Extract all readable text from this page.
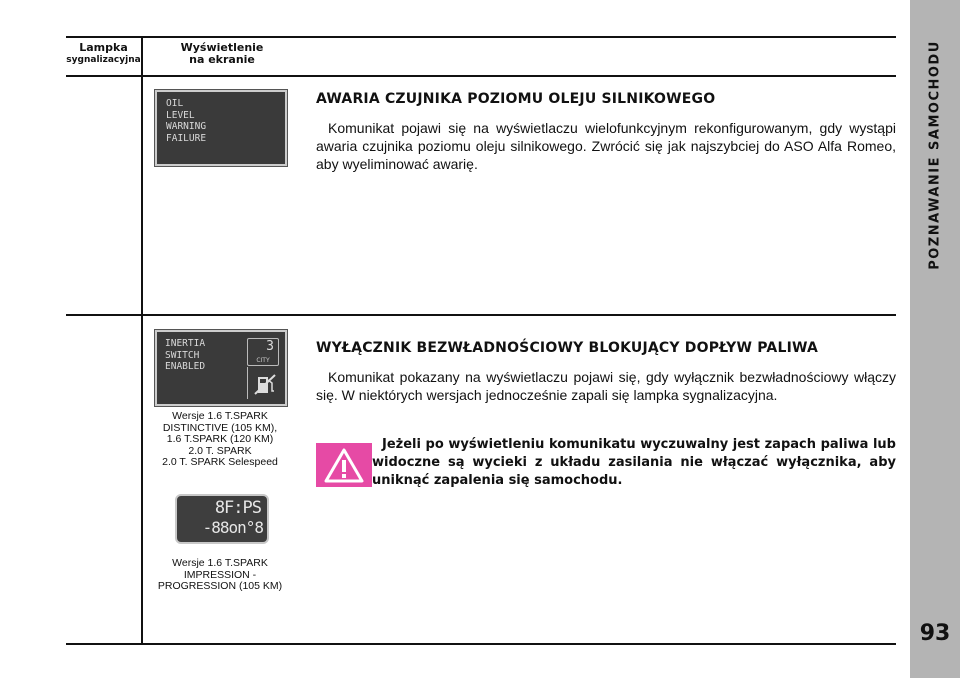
POZNAWANIE SAMOCHODU
93
Lampka
sygnalizacyjna
Wyświetlenie
na ekranie
OIL
LEVEL
WARNING
FAILURE
AWARIA CZUJNIKA POZIOMU OLEJU SILNIKOWEGO
Komunikat pojawi się na wyświetlaczu wielofunkcyjnym rekonfigurowanym, gdy wystąpi awaria czujnika poziomu oleju silnikowego. Zwrócić się jak najszybciej do ASO Alfa Romeo, aby wyeliminować awarię.
INERTIA
SWITCH
ENABLED
3
CITY
Wersje 1.6 T.SPARK
DISTINCTIVE (105 KM),
1.6 T.SPARK (120 KM)
2.0 T. SPARK
2.0 T. SPARK Selespeed
8F:PS
-88on°8
Wersje 1.6 T.SPARK
IMPRESSION -
PROGRESSION (105 KM)
WYŁĄCZNIK BEZWŁADNOŚCIOWY BLOKUJĄCY DOPŁYW PALIWA
Komunikat pokazany na wyświetlaczu pojawi się, gdy wyłącznik bezwładnościowy włączy się. W niektórych wersjach jednocześnie zapali się lampka sygnalizacyjna.
Jeżeli po wyświetleniu komunikatu wyczuwalny jest zapach paliwa lub widoczne są wycieki z układu zasilania nie włączać wyłącznika, aby uniknąć zapalenia się samochodu.
